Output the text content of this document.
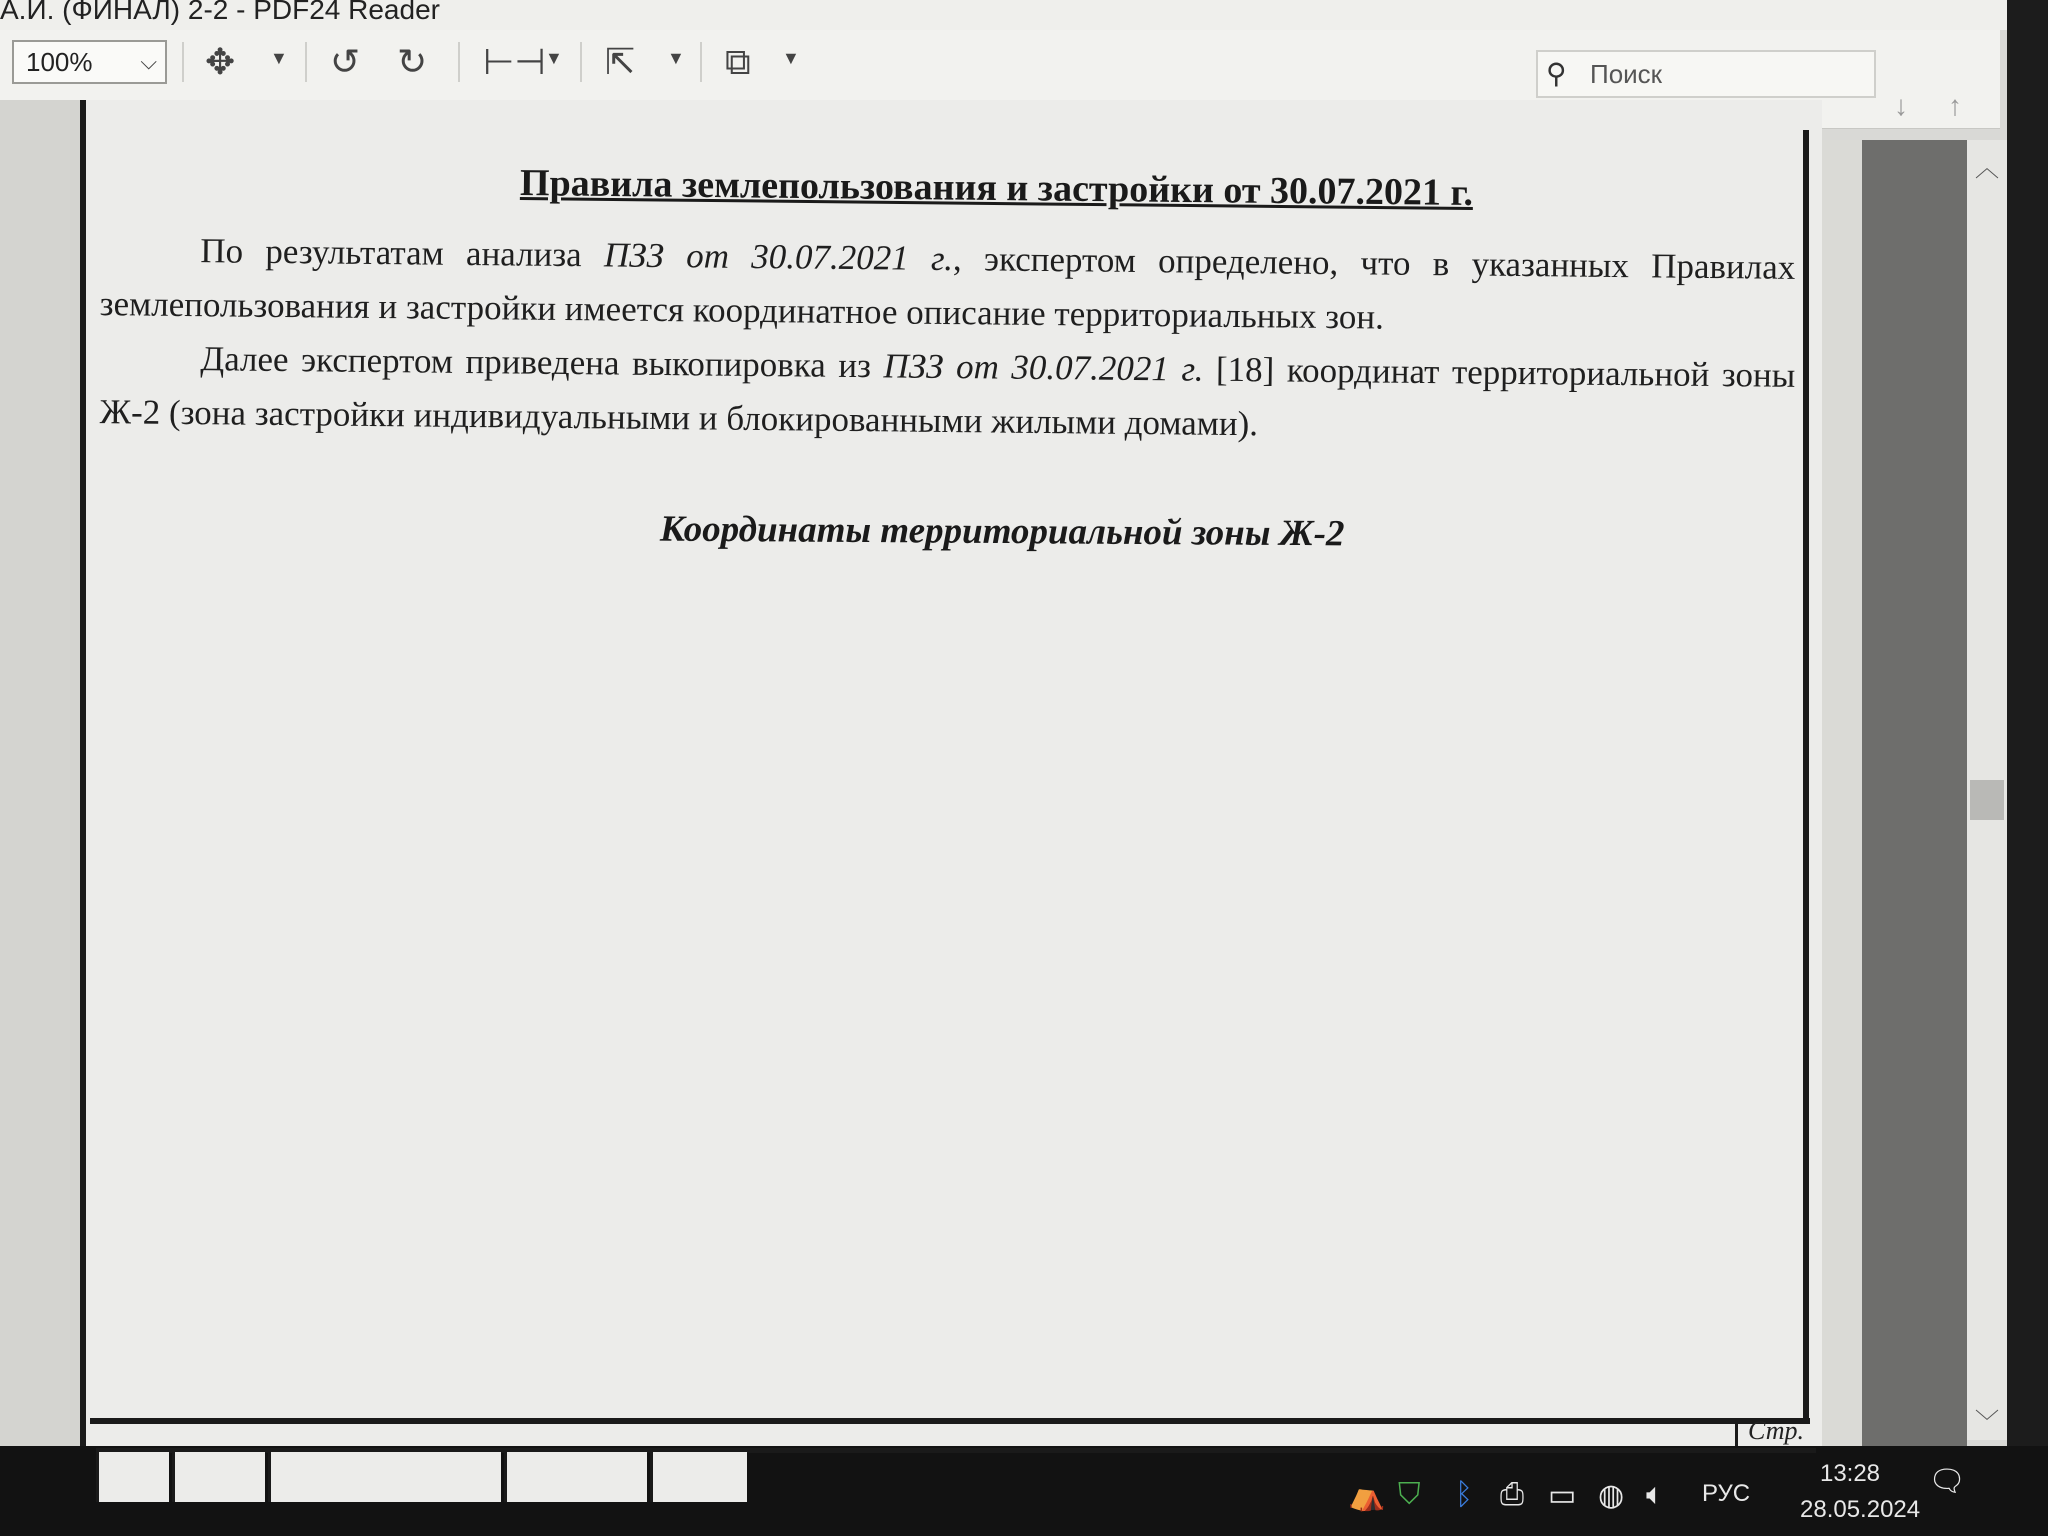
А.И. (ФИНАЛ) 2-2 - PDF24 Reader
100% ⌵ ✥ ▼ ↺ ↻ ⊢⊣ ▼ ⇱ ▼ ⧉ ▼	⚲ Поиск
↓ ↑
Правила землепользования и застройки от 30.07.2021 г.
По результатам анализа ПЗЗ от 30.07.2021 г., экспертом определено, что в указанных Правилах землепользования и застройки имеется координатное описание территориальных зон.
Далее экспертом приведена выкопировка из ПЗЗ от 30.07.2021 г. [18] координат территориальной зоны Ж-2 (зона застройки индивидуальными и блокированными жилыми домами).
Координаты территориальной зоны Ж-2
Стр.
︿
﹀
⛺ ⛉ ᛒ ⎙ ▭ ◍ 🔈︎ РУС
13:28
28.05.2024
🗨︎
